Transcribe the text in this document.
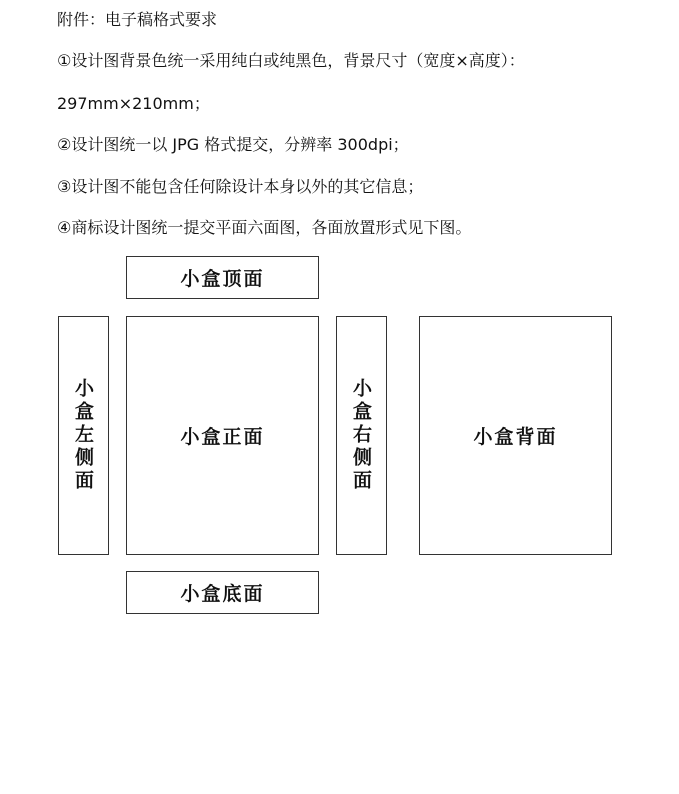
附件：电子稿格式要求
①设计图背景色统一采用纯白或纯黑色，背景尺寸（宽度×高度）：
297mm×210mm；
②设计图统一以 JPG 格式提交，分辨率 300dpi；
③设计图不能包含任何除设计本身以外的其它信息；
④商标设计图统一提交平面六面图，各面放置形式见下图。
小盒顶面
小盒左侧面	小盒正面	小盒右侧面	小盒背面
小盒底面
